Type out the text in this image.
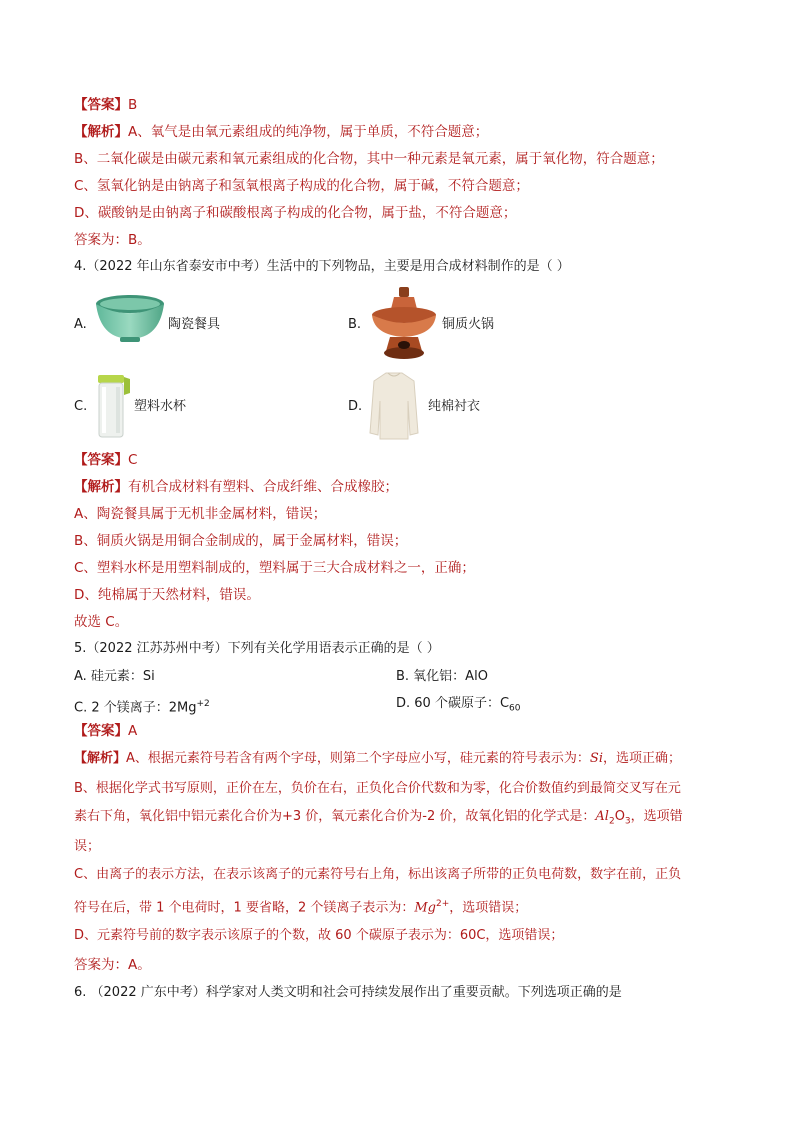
【答案】B
【解析】A、氧气是由氧元素组成的纯净物，属于单质，不符合题意；
B、二氧化碳是由碳元素和氧元素组成的化合物，其中一种元素是氧元素，属于氧化物，符合题意；
C、氢氧化钠是由钠离子和氢氧根离子构成的化合物，属于碱，不符合题意；
D、碳酸钠是由钠离子和碳酸根离子构成的化合物，属于盐，不符合题意；
答案为：B。
4.（2022 年山东省泰安市中考）生活中的下列物品，主要是用合成材料制作的是（ ）
A.	陶瓷餐具	B.	铜质火锅
C.	塑料水杯	D.	纯棉衬衣
【答案】C
【解析】有机合成材料有塑料、合成纤维、合成橡胶；
A、陶瓷餐具属于无机非金属材料，错误；
B、铜质火锅是用铜合金制成的，属于金属材料，错误；
C、塑料水杯是用塑料制成的，塑料属于三大合成材料之一，正确；
D、纯棉属于天然材料，错误。
故选 C。
5.（2022 江苏苏州中考）下列有关化学用语表示正确的是（ ）
A. 硅元素：Si	B. 氧化铝：AlO
C. 2 个镁离子：$2Mg^{+2}$	D. 60 个碳原子：$C_{60}$
【答案】A
【解析】A、根据元素符号若含有两个字母，则第二个字母应小写，硅元素的符号表示为：Si，选项正确；
B、根据化学式书写原则，正价在左，负价在右，正负化合价代数和为零，化合价数值约到最简交叉写在元
素右下角，氧化铝中铝元素化合价为+3 价，氧元素化合价为-2 价，故氧化铝的化学式是：$Al_2O_3$，选项错
误；
C、由离子的表示方法，在表示该离子的元素符号右上角，标出该离子所带的正负电荷数，数字在前，正负
符号在后，带 1 个电荷时，1 要省略，2 个镁离子表示为：$Mg^{2+}$，选项错误；
D、元素符号前的数字表示该原子的个数，故 60 个碳原子表示为：60C，选项错误；
答案为：A。
6. （2022 广东中考）科学家对人类文明和社会可持续发展作出了重要贡献。下列选项正确的是
